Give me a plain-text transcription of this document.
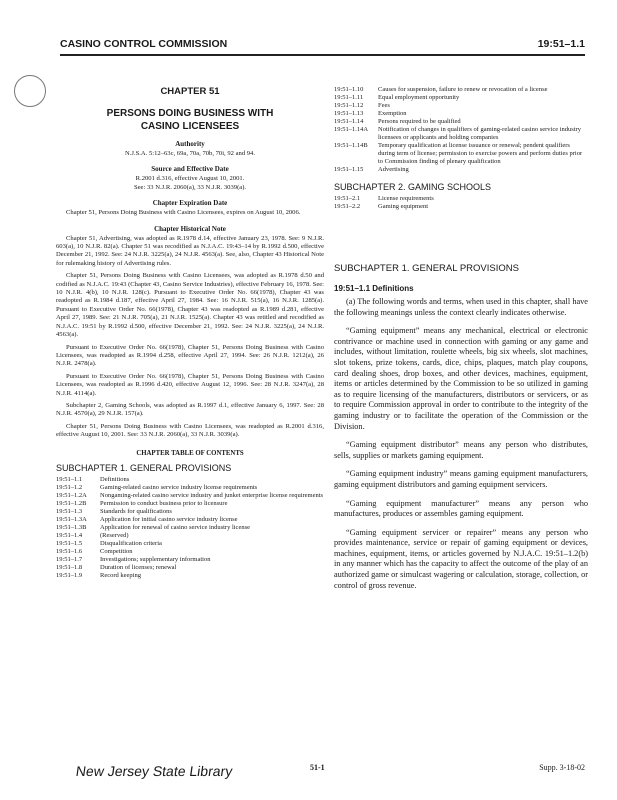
CASINO CONTROL COMMISSION	19:51–1.1

CHAPTER 51

PERSONS DOING BUSINESS WITH
CASINO LICENSEES

Authority

N.J.S.A. 5:12–63c, 69a, 70a, 70b, 70i, 92 and 94.

Source and Effective Date

R.2001 d.316, effective August 10, 2001.

See: 33 N.J.R. 2060(a), 33 N.J.R. 3039(a).

Chapter Expiration Date

Chapter 51, Persons Doing Business with Casino Licensees, expires on August 10, 2006.

Chapter Historical Note

Chapter 51, Advertising, was adopted as R.1978 d.14, effective January 23, 1978. See: 9 N.J.R. 603(a), 10 N.J.R. 82(a). Chapter 51 was recodified as N.J.A.C. 19:43–14 by R.1992 d.500, effective December 21, 1992. See: 24 N.J.R. 3225(a), 24 N.J.R. 4563(a). See, also, Chapter 43 Historical Note for rulemaking history of Advertising rules.

Chapter 51, Persons Doing Business with Casino Licensees, was adopted as R.1978 d.50 and codified as N.J.A.C. 19:43 (Chapter 43, Casino Service Industries), effective February 16, 1978. See: 10 N.J.R. 4(b), 10 N.J.R. 128(c). Pursuant to Executive Order No. 66(1978), Chapter 43 was readopted as R.1984 d.187, effective April 27, 1984. See: 16 N.J.R. 515(a), 16 N.J.R. 1285(a). Pursuant to Executive Order No. 66(1978), Chapter 43 was readopted as R.1989 d.281, effective April 27, 1989. See: 21 N.J.R. 705(a), 21 N.J.R. 1525(a). Chapter 43 was retitled and recodified as N.J.A.C. 19:51 by R.1992 d.500, effective December 21, 1992. See: 24 N.J.R. 3225(a), 24 N.J.R. 4563(a).

Pursuant to Executive Order No. 66(1978), Chapter 51, Persons Doing Business with Casino Licensees, was readopted as R.1994 d.258, effective April 27, 1994. See: 26 N.J.R. 1212(a), 26 N.J.R. 2478(a).

Pursuant to Executive Order No. 66(1978), Chapter 51, Persons Doing Business with Casino Licensees, was readopted as R.1996 d.420, effective August 12, 1996. See: 28 N.J.R. 3247(a), 28 N.J.R. 4114(a).

Subchapter 2, Gaming Schools, was adopted as R.1997 d.1, effective January 6, 1997. See: 28 N.J.R. 4570(a), 29 N.J.R. 157(a).

Chapter 51, Persons Doing Business with Casino Licensees, was readopted as R.2001 d.316, effective August 10, 2001. See: 33 N.J.R. 2060(a), 33 N.J.R. 3039(a).

CHAPTER TABLE OF CONTENTS
SUBCHAPTER 1. GENERAL PROVISIONS
19:51–1.1	Definitions
19:51–1.2	Gaming-related casino service industry license requirements
19:51–1.2A	Nongaming-related casino service industry and junket enterprise license requirements
19:51–1.2B	Permission to conduct business prior to licensure
19:51–1.3	Standards for qualifications
19:51–1.3A	Application for initial casino service industry license
19:51–1.3B	Application for renewal of casino service industry license
19:51–1.4	(Reserved)
19:51–1.5	Disqualification criteria
19:51–1.6	Competition
19:51–1.7	Investigations; supplementary information
19:51–1.8	Duration of licenses; renewal
19:51–1.9	Record keeping
19:51–1.10	Causes for suspension, failure to renew or revocation of a license
19:51–1.11	Equal employment opportunity
19:51–1.12	Fees
19:51–1.13	Exemption
19:51–1.14	Persons required to be qualified
19:51–1.14A	Notification of changes in qualifiers of gaming-related casino service industry licensees or applicants and holding companies
19:51–1.14B	Temporary qualification at license issuance or renewal; pendent qualifiers during term of license; permission to exercise powers and perform duties prior to Commission finding of plenary qualification
19:51–1.15	Advertising
SUBCHAPTER 2. GAMING SCHOOLS
19:51–2.1	License requirements
19:51–2.2	Gaming equipment
SUBCHAPTER 1. GENERAL PROVISIONS
19:51–1.1 Definitions

(a) The following words and terms, when used in this chapter, shall have the following meanings unless the context clearly indicates otherwise.

“Gaming equipment” means any mechanical, electrical or electronic contrivance or machine used in connection with gaming or any game and includes, without limitation, roulette wheels, big six wheels, slot machines, slot tokens, prize tokens, cards, dice, chips, plaques, match play coupons, card dealing shoes, drop boxes, and other devices, machines, equipment, items or articles determined by the Commission to be so utilized in gaming as to require licensing of the manufacturers, distributors or servicers, or as to require Commission approval in order to contribute to the integrity of the gaming industry or to facilitate the operation of the Commission or the Division.

“Gaming equipment distributor” means any person who distributes, sells, supplies or markets gaming equipment.

“Gaming equipment industry” means gaming equipment manufacturers, gaming equipment distributors and gaming equipment servicers.

“Gaming equipment manufacturer” means any person who manufactures, produces or assembles gaming equipment.

“Gaming equipment servicer or repairer” means any person who provides maintenance, service or repair of gaming equipment or devices, machines, equipment, items, or articles governed by N.J.A.C. 19:51–1.2(b) in any manner which has the capacity to affect the outcome of the play of an authorized game or simulcast wagering or calculation, storage, collection, or control of gross revenue.

New Jersey State Library	51-1	Supp. 3-18-02
